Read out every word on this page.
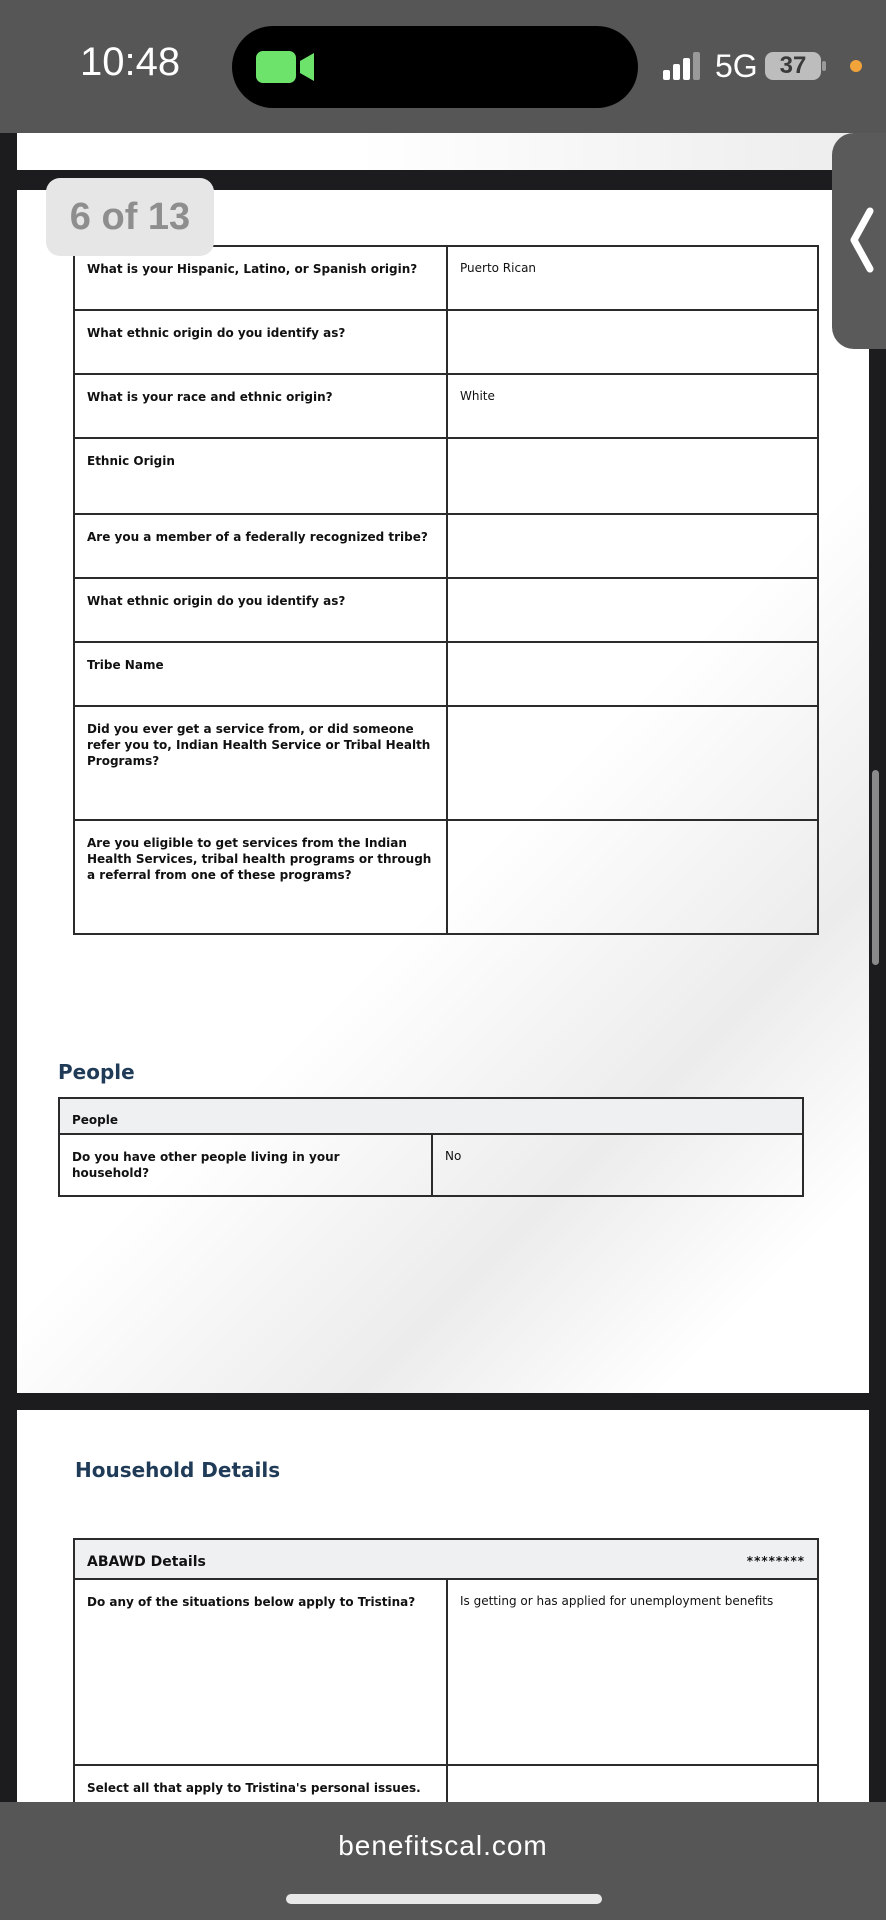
10:48	5G 37
6 of 13
What is your Hispanic, Latino, or Spanish origin?	Puerto Rican
What ethnic origin do you identify as?	
What is your race and ethnic origin?	White
Ethnic Origin	
Are you a member of a federally recognized tribe?	
What ethnic origin do you identify as?	
Tribe Name	
Did you ever get a service from, or did someone refer you to, Indian Health Service or Tribal Health Programs?	
Are you eligible to get services from the Indian Health Services, tribal health programs or through a referral from one of these programs?	
People
People
Do you have other people living in your household?	No
Household Details
ABAWD Details ********	

Do any of the situations below apply to Tristina?	Is getting or has applied for unemployment benefits
Select all that apply to Tristina's personal issues.	
benefitscal.com
